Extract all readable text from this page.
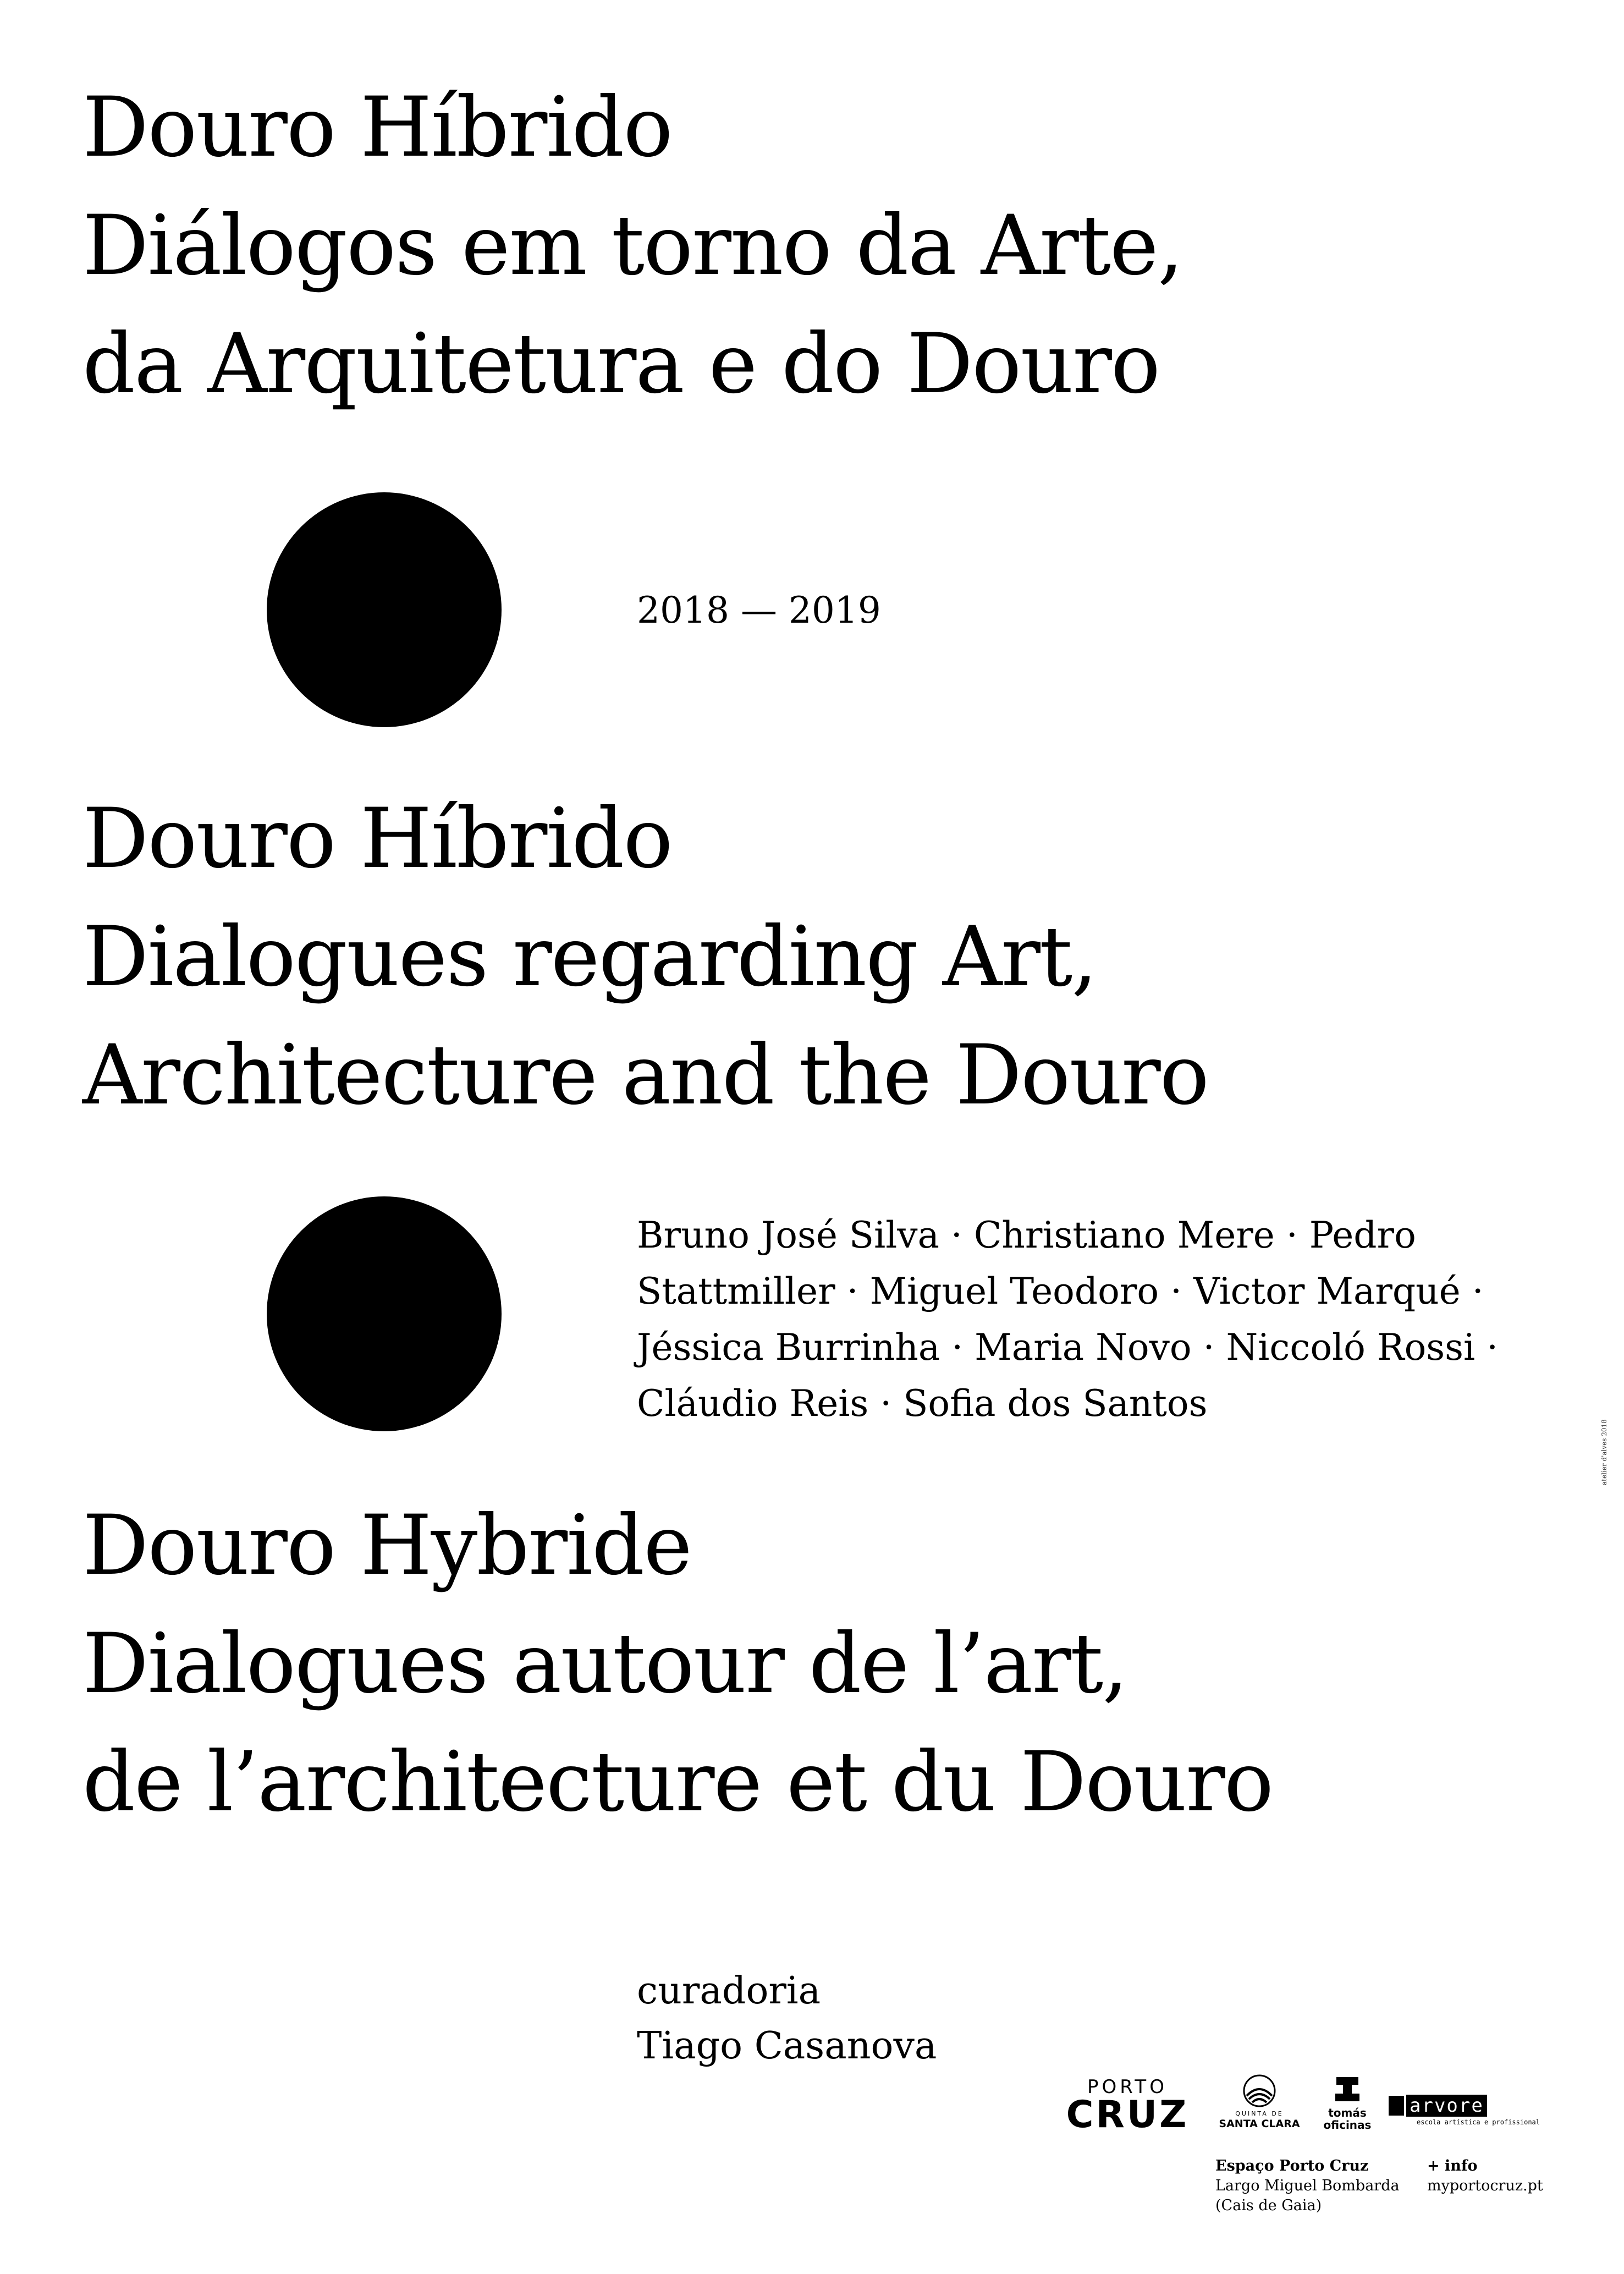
Douro Híbrido
Diálogos em torno da Arte,
da Arquitetura e do Douro
2018 — 2019
Douro Híbrido
Dialogues regarding Art,
Architecture and the Douro
Bruno José Silva · Christiano Mere · Pedro
Stattmiller · Miguel Teodoro · Victor Marqué ·
Jéssica Burrinha · Maria Novo · Niccoló Rossi ·
Cláudio Reis · Sofia dos Santos
Douro Hybride
Dialogues autour de l’art,
de l’architecture et du Douro
curadoria
Tiago Casanova
atelier d'alves 2018
PORTO
CRUZ	QUINTA DE
SANTA CLARA
tomás
oficinas
arvore
escola artística e profissional
Espaço Porto Cruz
Largo Miguel Bombarda
(Cais de Gaia)
+ info
myportocruz.pt
